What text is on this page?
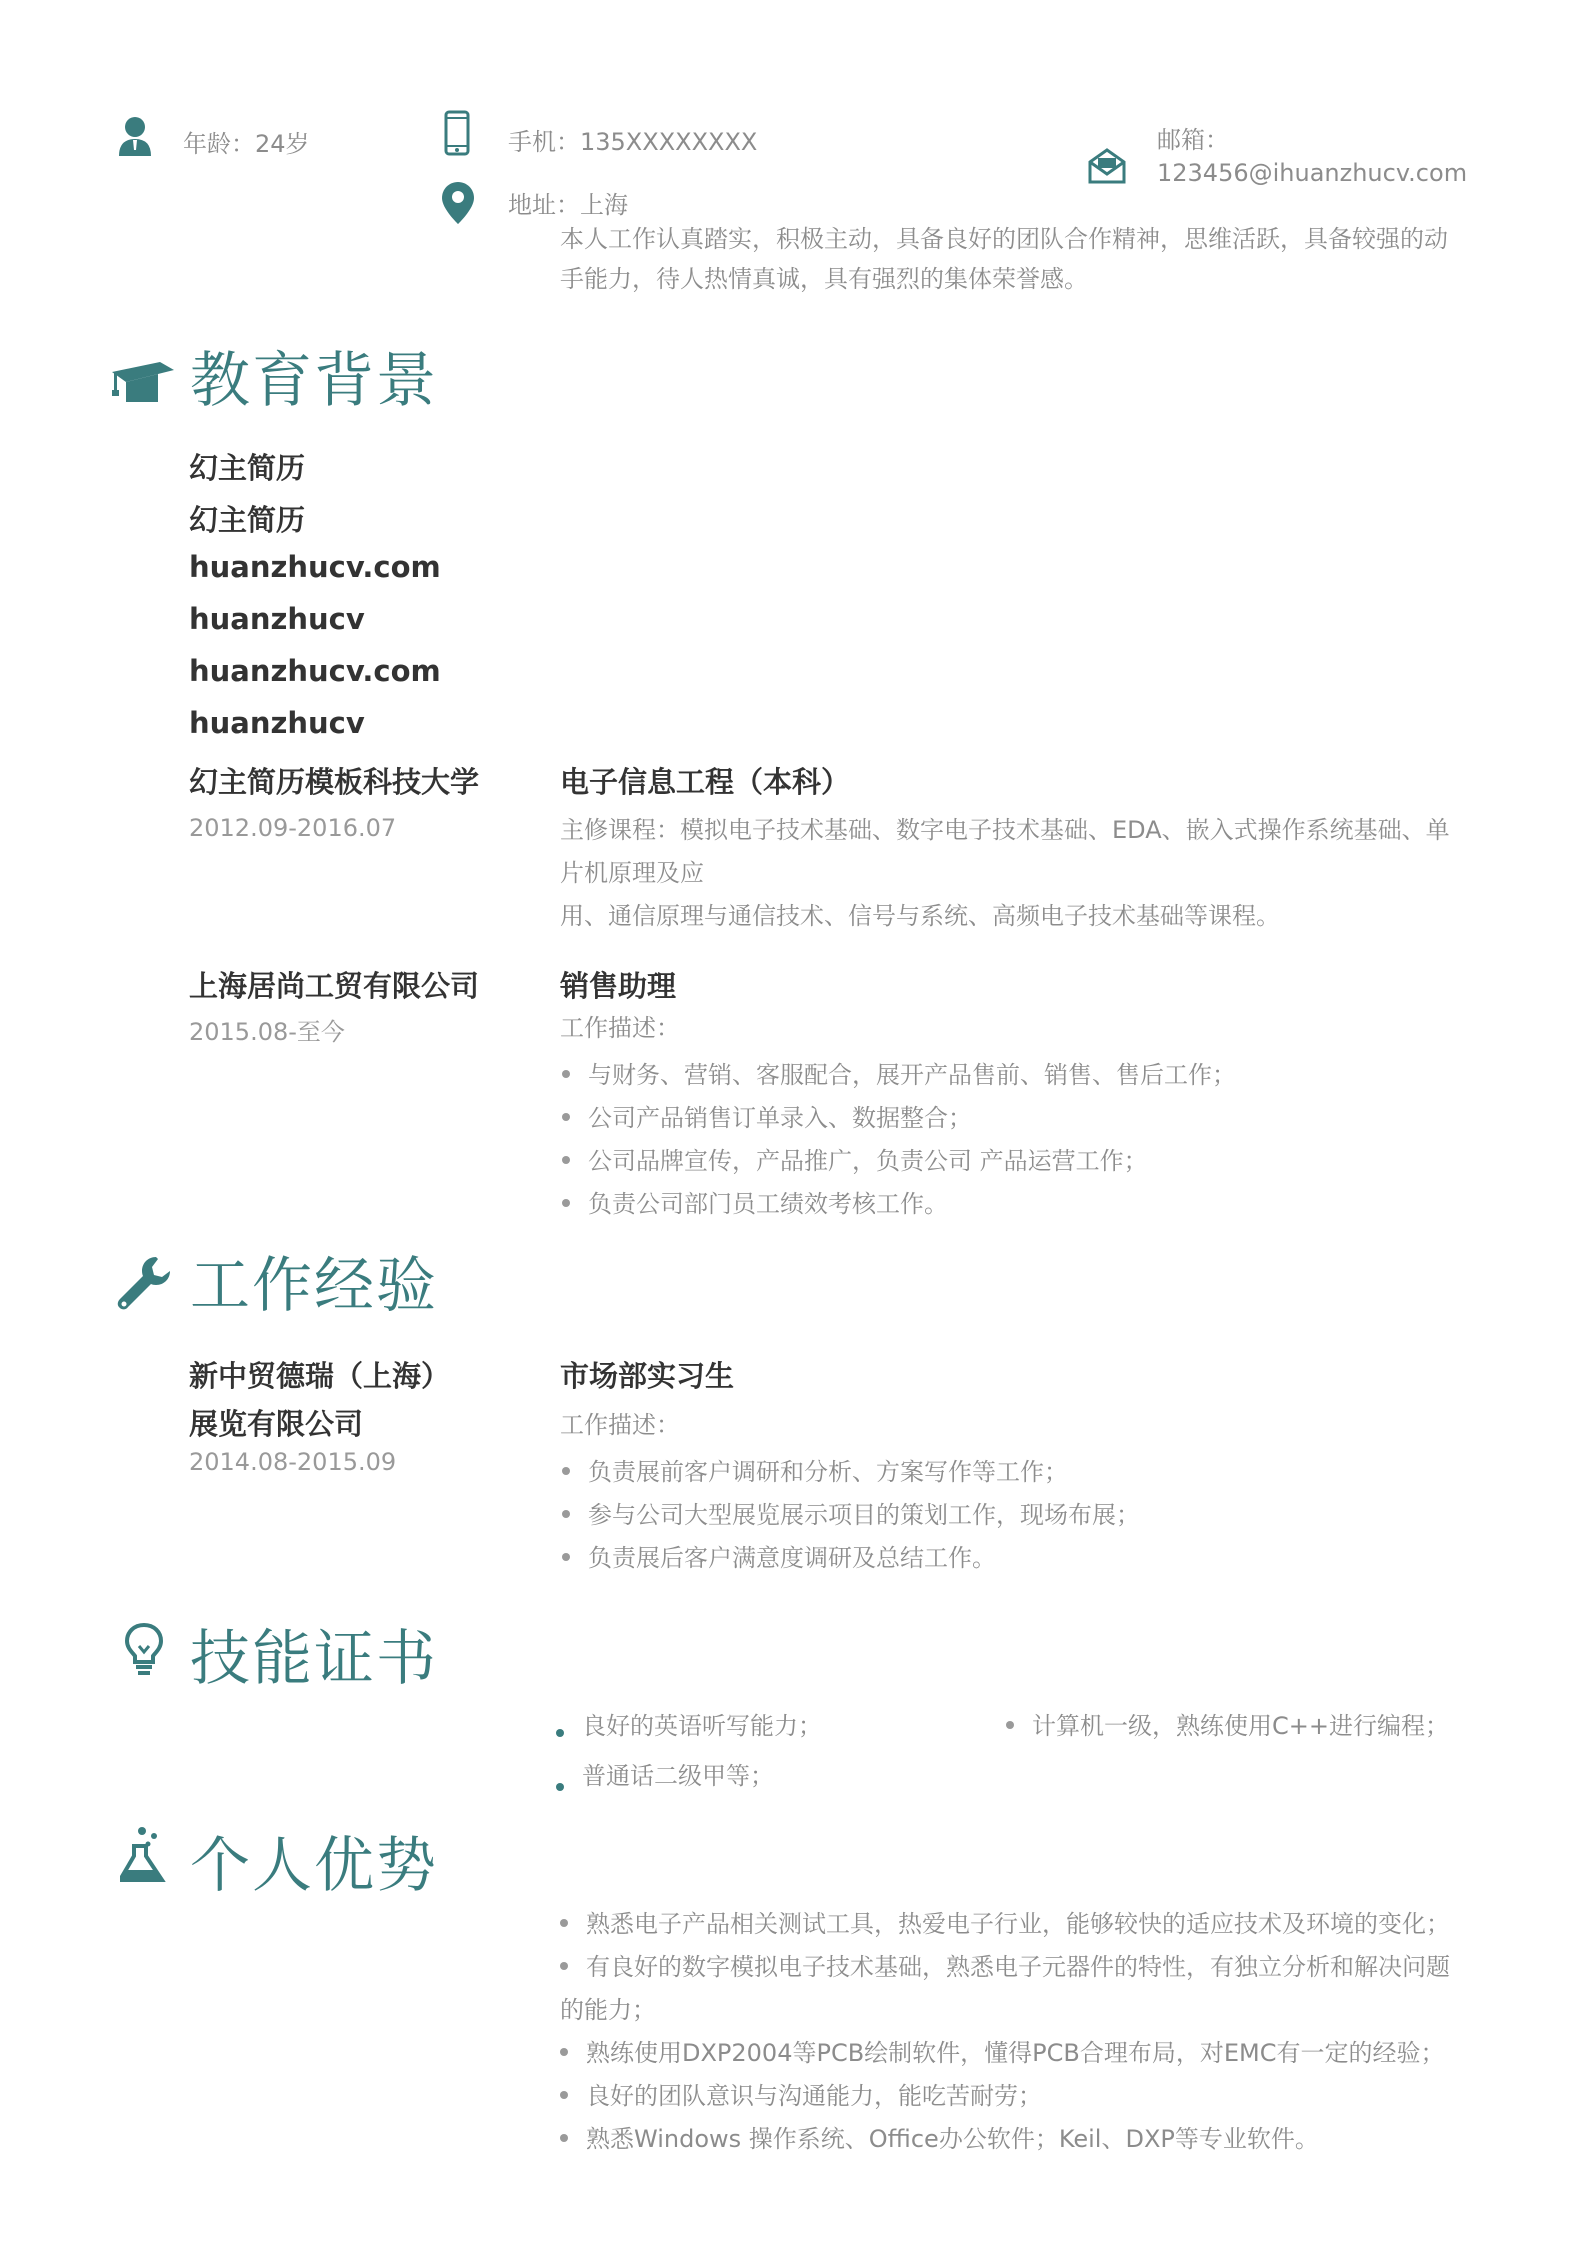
年龄：24岁	手机：135XXXXXXXX
地址：上海
邮箱：
123456@ihuanzhucv.com
本人工作认真踏实，积极主动，具备良好的团队合作精神，思维活跃，具备较强的动
手能力，待人热情真诚，具有强烈的集体荣誉感。
教育背景
幻主简历
幻主简历
huanzhucv.com
huanzhucv
huanzhucv.com
huanzhucv
幻主简历模板科技大学
2012.09-2016.07
电子信息工程（本科）
主修课程：模拟电子技术基础、数字电子技术基础、EDA、嵌入式操作系统基础、单
片机原理及应
用、通信原理与通信技术、信号与系统、高频电子技术基础等课程。
上海居尚工贸有限公司
2015.08-至今
销售助理
工作描述：
与财务、营销、客服配合，展开产品售前、销售、售后工作；
公司产品销售订单录入、数据整合；
公司品牌宣传，产品推广，负责公司 产品运营工作；
负责公司部门员工绩效考核工作。
工作经验
新中贸德瑞（上海）
展览有限公司
2014.08-2015.09
市场部实习生
工作描述：
负责展前客户调研和分析、方案写作等工作；
参与公司大型展览展示项目的策划工作，现场布展；
负责展后客户满意度调研及总结工作。
技能证书
良好的英语听写能力；	计算机一级，熟练使用C++进行编程；
普通话二级甲等；
个人优势
熟悉电子产品相关测试工具，热爱电子行业，能够较快的适应技术及环境的变化；
有良好的数字模拟电子技术基础，熟悉电子元器件的特性，有独立分析和解决问题
的能力；
熟练使用DXP2004等PCB绘制软件，懂得PCB合理布局，对EMC有一定的经验；
良好的团队意识与沟通能力，能吃苦耐劳；
熟悉Windows 操作系统、Office办公软件；Keil、DXP等专业软件。
